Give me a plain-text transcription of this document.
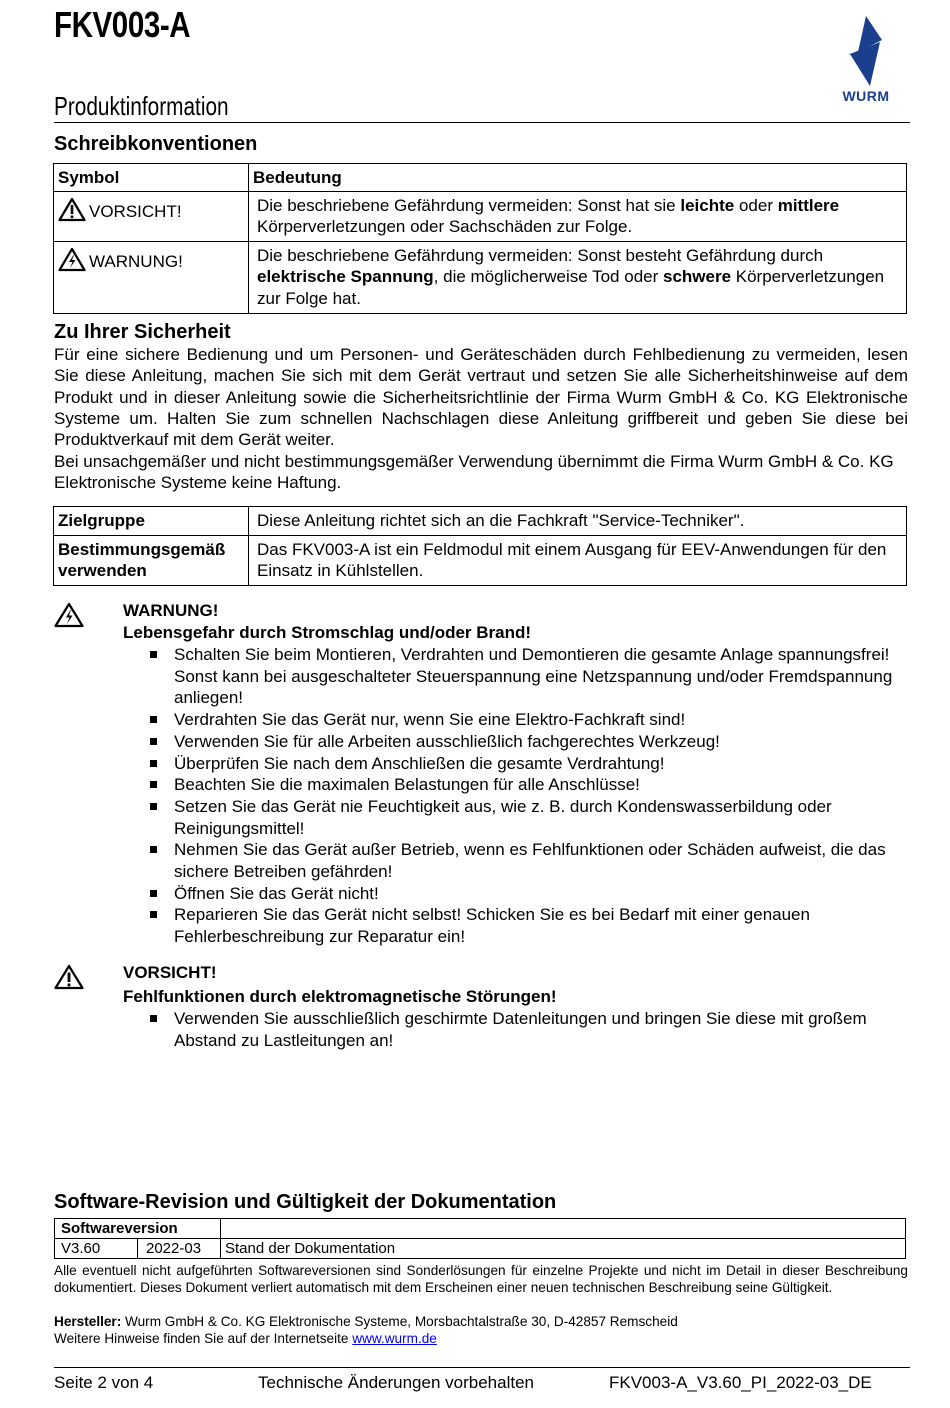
FKV003-A
Produktinformation	WURM
Schreibkonventionen
Symbol	Bedeutung

VORSICHT!	Die beschriebene Gefährdung vermeiden: Sonst hat sie leichte oder mittlere Körperverletzungen oder Sachschäden zur Folge.

WARNUNG!	Die beschriebene Gefährdung vermeiden: Sonst besteht Gefährdung durch elektrische Spannung, die möglicherweise Tod oder schwere Körperverletzungen zur Folge hat.
Zu Ihrer Sicherheit
Für eine sichere Bedienung und um Personen- und Geräteschäden durch Fehlbedienung zu vermeiden, lesen Sie diese Anleitung, machen Sie sich mit dem Gerät vertraut und setzen Sie alle Sicherheitshinweise auf dem Produkt und in dieser Anleitung sowie die Sicherheitsrichtlinie der Firma Wurm GmbH & Co. KG Elektronische Systeme um. Halten Sie zum schnellen Nachschlagen diese Anleitung griffbereit und geben Sie diese bei Produktverkauf mit dem Gerät weiter.
Bei unsachgemäßer und nicht bestimmungsgemäßer Verwendung übernimmt die Firma Wurm GmbH & Co. KG Elektronische Systeme keine Haftung.
Zielgruppe	Diese Anleitung richtet sich an die Fachkraft "Service-Techniker".

Bestimmungsgemäß
verwenden	Das FKV003-A ist ein Feldmodul mit einem Ausgang für EEV-Anwendungen für den Einsatz in Kühlstellen.
WARNUNG!
Lebensgefahr durch Stromschlag und/oder Brand!
Schalten Sie beim Montieren, Verdrahten und Demontieren die gesamte Anlage spannungsfrei! Sonst kann bei ausgeschalteter Steuerspannung eine Netzspannung und/oder Fremdspannung anliegen!
Verdrahten Sie das Gerät nur, wenn Sie eine Elektro-Fachkraft sind!
Verwenden Sie für alle Arbeiten ausschließlich fachgerechtes Werkzeug!
Überprüfen Sie nach dem Anschließen die gesamte Verdrahtung!
Beachten Sie die maximalen Belastungen für alle Anschlüsse!
Setzen Sie das Gerät nie Feuchtigkeit aus, wie z. B. durch Kondenswasserbildung oder Reinigungsmittel!
Nehmen Sie das Gerät außer Betrieb, wenn es Fehlfunktionen oder Schäden aufweist, die das sichere Betreiben gefährden!
Öffnen Sie das Gerät nicht!
Reparieren Sie das Gerät nicht selbst! Schicken Sie es bei Bedarf mit einer genauen Fehlerbeschreibung zur Reparatur ein!
VORSICHT!
Fehlfunktionen durch elektromagnetische Störungen!
Verwenden Sie ausschließlich geschirmte Datenleitungen und bringen Sie diese mit großem Abstand zu Lastleitungen an!
Software-Revision und Gültigkeit der Dokumentation
Softwareversion		
V3.60	2022-03	Stand der Dokumentation
Alle eventuell nicht aufgeführten Softwareversionen sind Sonderlösungen für einzelne Projekte und nicht im Detail in dieser Beschreibung dokumentiert. Dieses Dokument verliert automatisch mit dem Erscheinen einer neuen technischen Beschreibung seine Gültigkeit.
Hersteller: Wurm GmbH & Co. KG Elektronische Systeme, Morsbachtalstraße 30, D-42857 Remscheid
Weitere Hinweise finden Sie auf der Internetseite www.wurm.de
Seite 2 von 4	Technische Änderungen vorbehalten	FKV003-A_V3.60_PI_2022-03_DE
